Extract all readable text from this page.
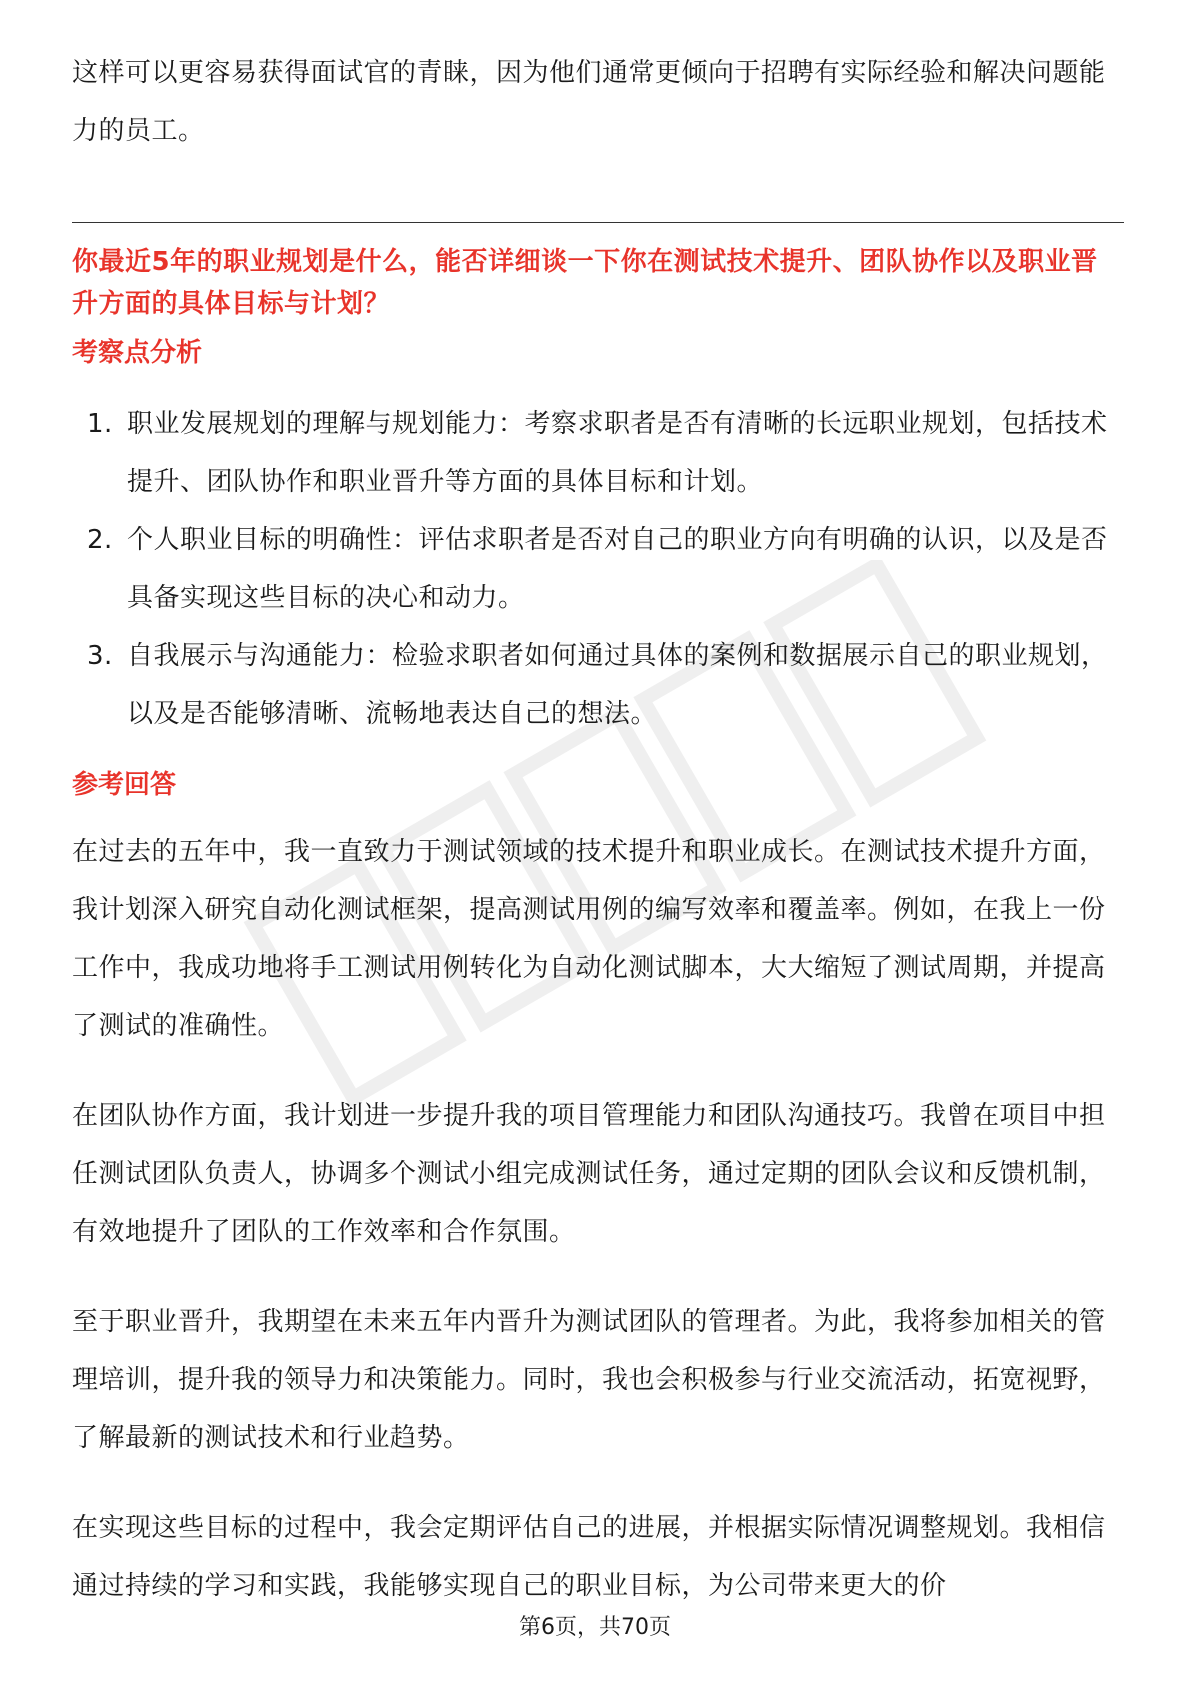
这样可以更容易获得面试官的青睐，因为他们通常更倾向于招聘有实际经验和解决问题能力的员工。

你最近5年的职业规划是什么，能否详细谈一下你在测试技术提升、团队协作以及职业晋升方面的具体目标与计划？

考察点分析
1. 职业发展规划的理解与规划能力：考察求职者是否有清晰的长远职业规划，包括技术提升、团队协作和职业晋升等方面的具体目标和计划。
2. 个人职业目标的明确性：评估求职者是否对自己的职业方向有明确的认识，以及是否具备实现这些目标的决心和动力。
3. 自我展示与沟通能力：检验求职者如何通过具体的案例和数据展示自己的职业规划，以及是否能够清晰、流畅地表达自己的想法。
参考回答

在过去的五年中，我一直致力于测试领域的技术提升和职业成长。在测试技术提升方面，我计划深入研究自动化测试框架，提高测试用例的编写效率和覆盖率。例如，在我上一份工作中，我成功地将手工测试用例转化为自动化测试脚本，大大缩短了测试周期，并提高了测试的准确性。

在团队协作方面，我计划进一步提升我的项目管理能力和团队沟通技巧。我曾在项目中担任测试团队负责人，协调多个测试小组完成测试任务，通过定期的团队会议和反馈机制，有效地提升了团队的工作效率和合作氛围。

至于职业晋升，我期望在未来五年内晋升为测试团队的管理者。为此，我将参加相关的管理培训，提升我的领导力和决策能力。同时，我也会积极参与行业交流活动，拓宽视野，了解最新的测试技术和行业趋势。

在实现这些目标的过程中，我会定期评估自己的进展，并根据实际情况调整规划。我相信通过持续的学习和实践，我能够实现自己的职业目标，为公司带来更大的价

第6页，共70页
